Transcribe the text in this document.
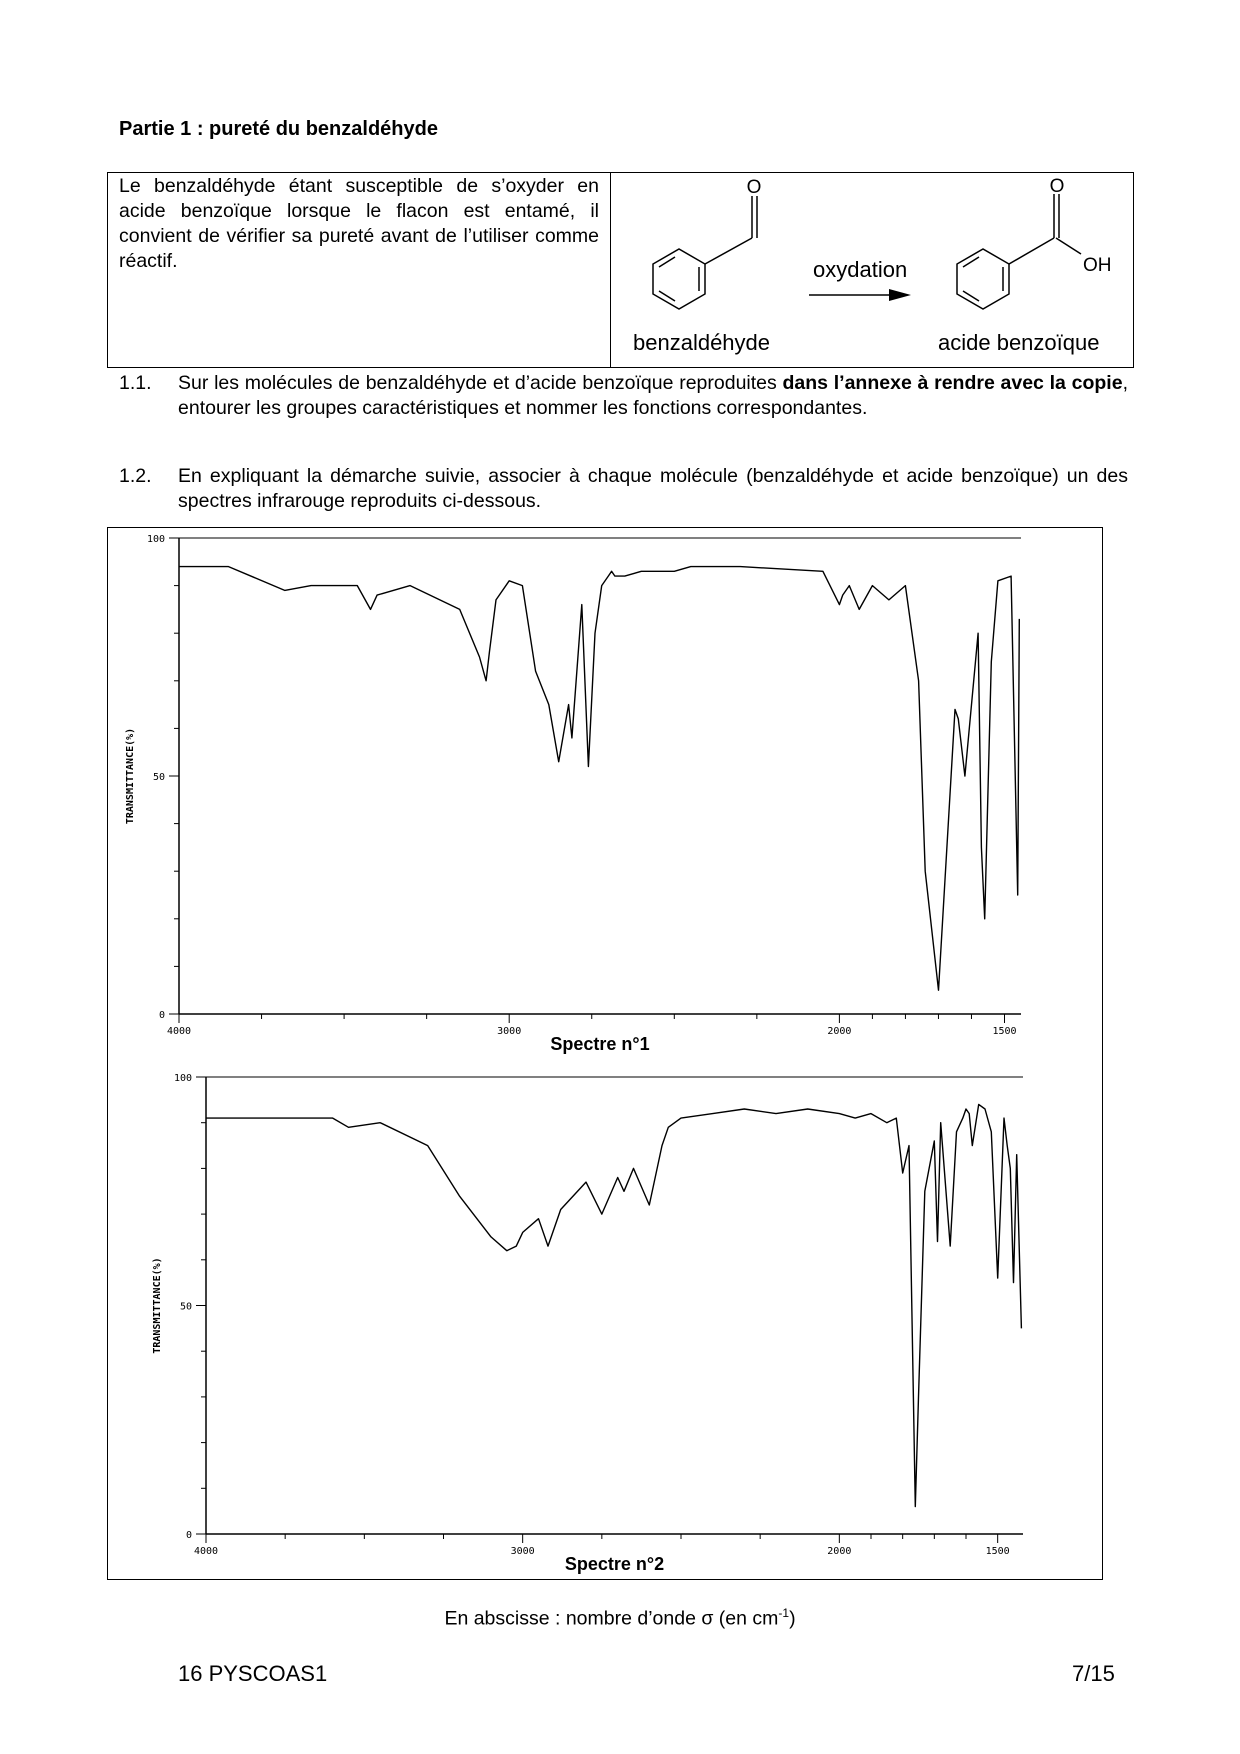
Partie 1 : pureté du benzaldéhyde
Le benzaldéhyde étant susceptible de s’oxyder en acide benzoïque lorsque le flacon est entamé, il convient de vérifier sa pureté avant de l’utiliser comme réactif.
O
oxydation
O
OH
benzaldéhyde	acide benzoïque
1.1. Sur les molécules de benzaldéhyde et d’acide benzoïque reproduites dans l’annexe à rendre avec la copie, entourer les groupes caractéristiques et nommer les fonctions correspondantes.
1.2. En expliquant la démarche suivie, associer à chaque molécule (benzaldéhyde et acide benzoïque) un des spectres infrarouge reproduits ci-dessous.
0
50
100
4000	3000	2000	1500
TRANSMITTANCE(%)
Spectre n°1
0
50
100
4000	3000	2000	1500
TRANSMITTANCE(%)
Spectre n°2
En abscisse : nombre d’onde σ (en $cm^{-1}$)
16 PYSCOAS1	7/15
